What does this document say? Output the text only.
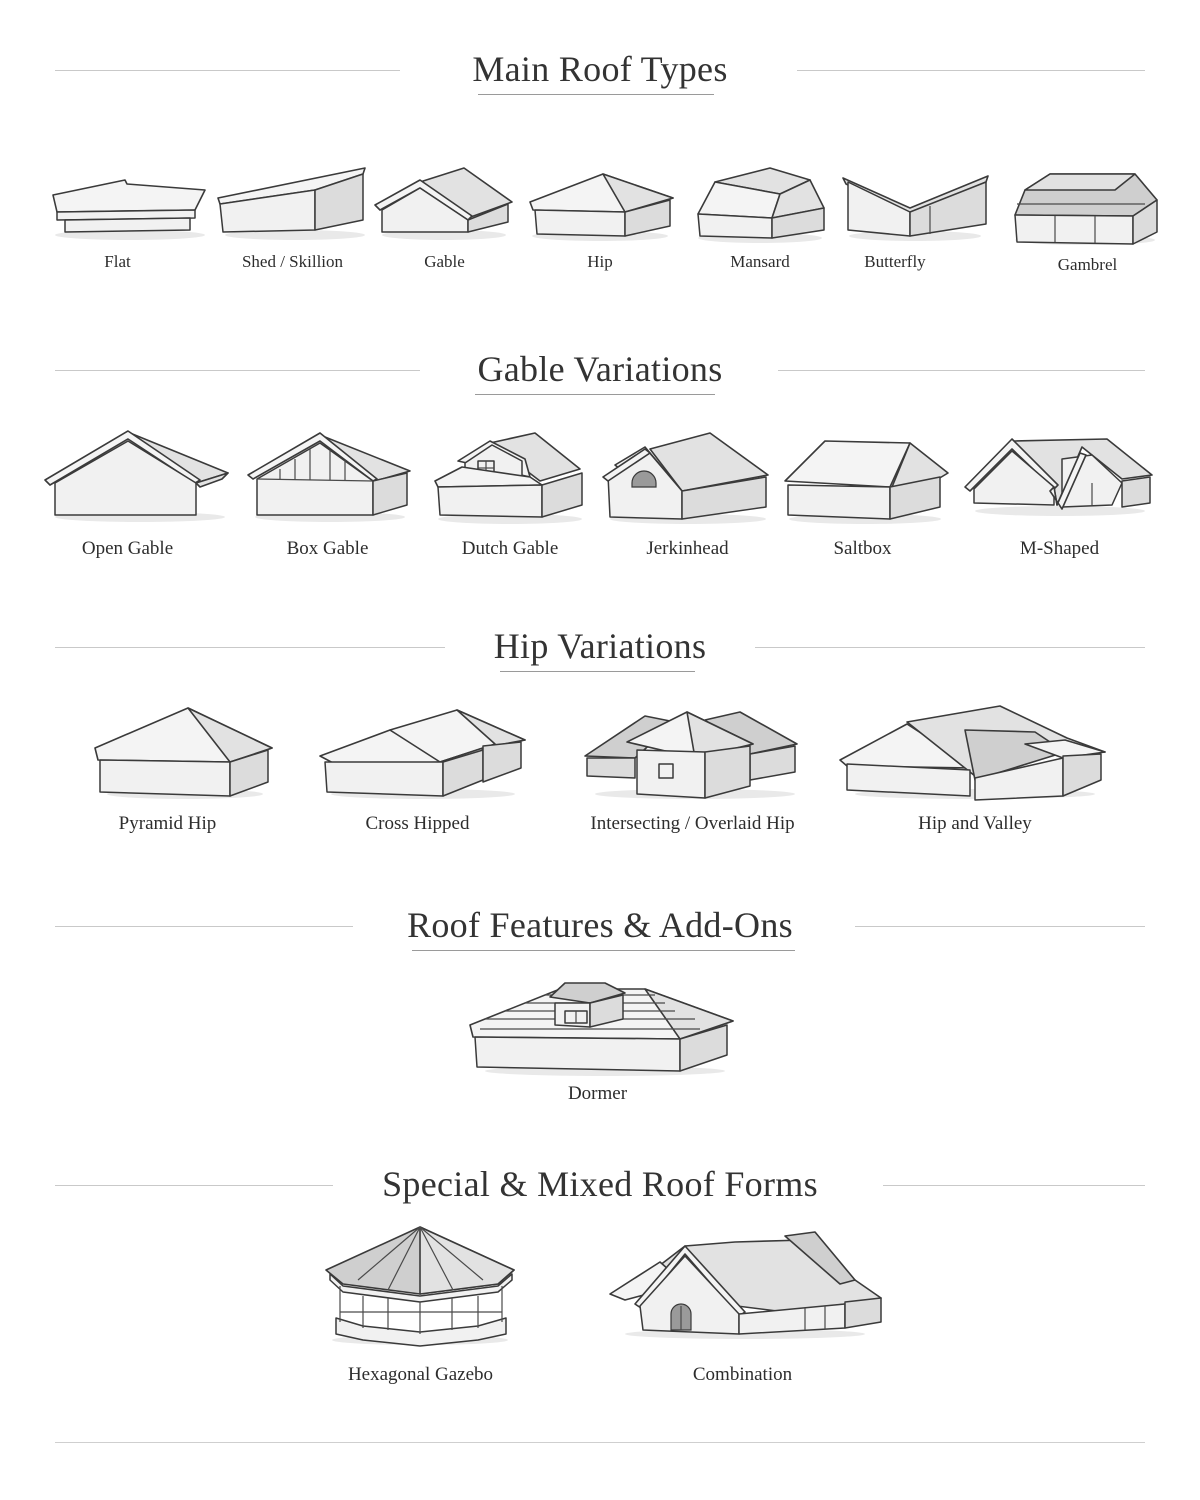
Main Roof Types
Flat	Shed / Skillion	Gable	Hip	Mansard	Butterfly	Gambrel
Gable Variations
Open Gable	Box Gable	Dutch Gable	Jerkinhead	Saltbox	M-Shaped
Hip Variations
Pyramid Hip	Cross Hipped	Intersecting / Overlaid Hip	Hip and Valley
Roof Features & Add-Ons
Dormer
Special & Mixed Roof Forms
Hexagonal Gazebo	Combination
